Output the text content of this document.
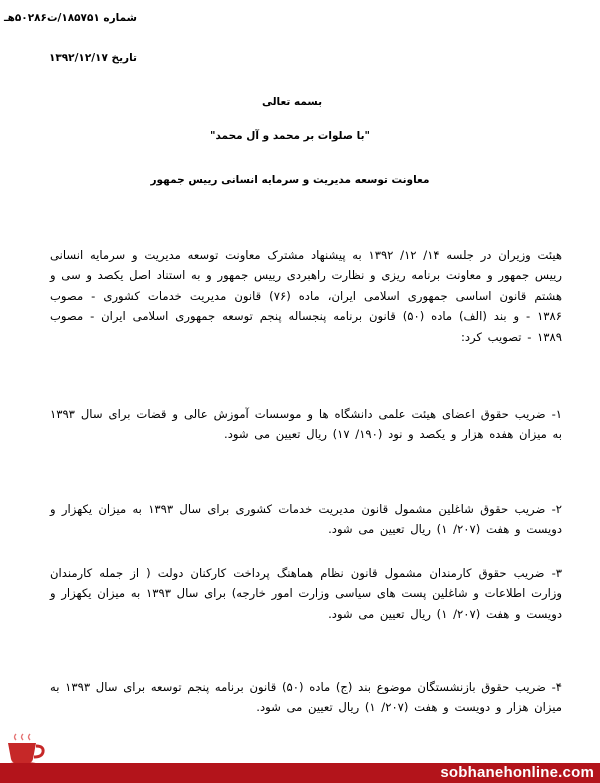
شماره ۱۸۵۷۵۱/ت۵۰۲۸۶هـ
تاریخ ۱۳۹۲/۱۲/۱۷
بسمه تعالی
"با صلوات بر محمد و آل محمد"
معاونت توسعه مدیریت و سرمایه انسانی رییس جمهور
هیئت وزیران در جلسه ۱۴/ ۱۲/ ۱۳۹۲ به پیشنهاد مشترک معاونت توسعه مدیریت و سرمایه انسانی رییس جمهور و معاونت برنامه ریزی و نظارت راهبردی رییس جمهور و به استناد اصل یکصد و سی و هشتم قانون اساسی جمهوری اسلامی ایران، ماده (۷۶) قانون مدیریت خدمات کشوری - مصوب ۱۳۸۶ - و بند (الف) ماده (۵۰) قانون برنامه پنجساله پنجم توسعه جمهوری اسلامی ایران - مصوب ۱۳۸۹ - تصویب کرد:
۱- ضریب حقوق اعضای هیئت علمی دانشگاه ها و موسسات آموزش عالی و قضات برای سال ۱۳۹۳ به میزان هفده هزار و یکصد و نود (۱۹۰/ ۱۷) ریال تعیین می شود.
۲- ضریب حقوق شاغلین مشمول قانون مدیریت خدمات کشوری برای سال ۱۳۹۳ به میزان یکهزار و دویست و هفت (۲۰۷/ ۱) ریال تعیین می شود.
۳- ضریب حقوق کارمندان مشمول قانون نظام هماهنگ پرداخت کارکنان دولت ( از جمله کارمندان وزارت اطلاعات و شاغلین پست های سیاسی وزارت امور خارجه) برای سال ۱۳۹۳ به میزان یکهزار و دویست و هفت (۲۰۷/ ۱) ریال تعیین می شود.
۴- ضریب حقوق بازنشستگان موضوع بند (ج) ماده (۵۰) قانون برنامه پنجم توسعه برای سال ۱۳۹۳ به میزان هزار و دویست و هفت (۲۰۷/ ۱) ریال تعیین می شود.
sobhanehonline.com
